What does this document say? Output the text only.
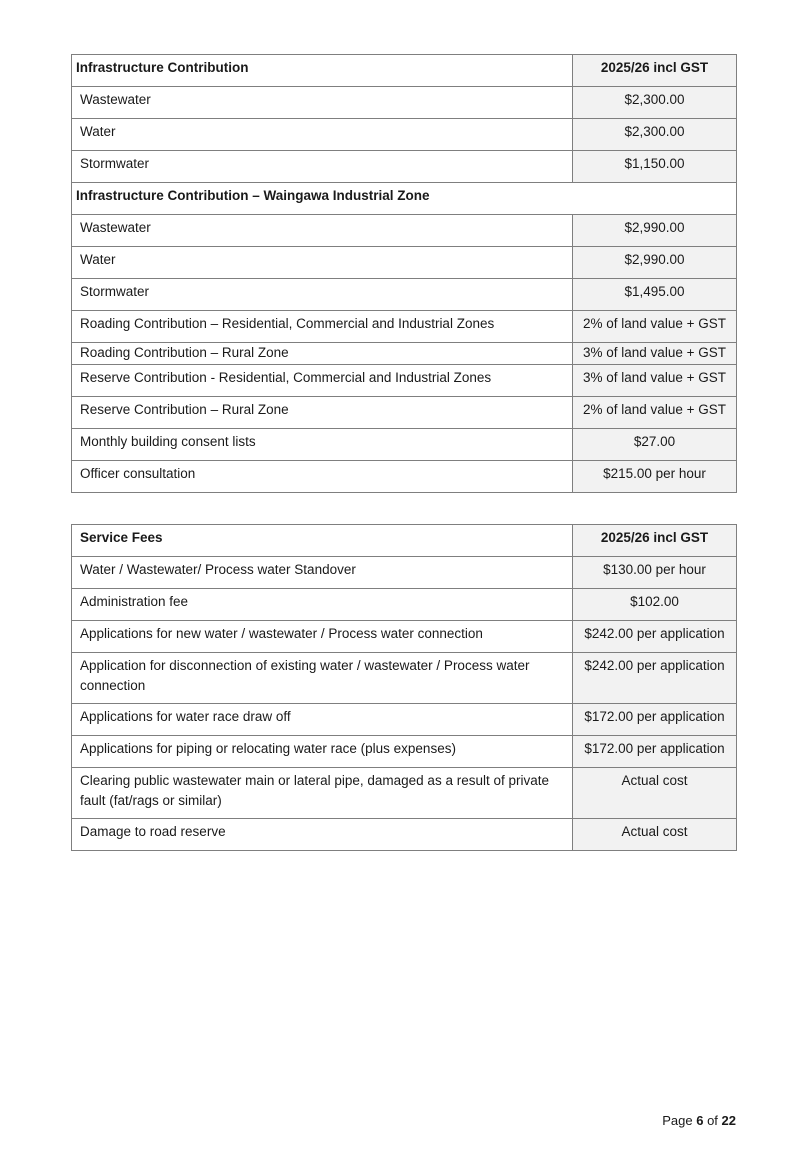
Infrastructure Contribution	2025/26 incl GST
Wastewater	$2,300.00
Water	$2,300.00
Stormwater	$1,150.00
Infrastructure Contribution – Waingawa Industrial Zone	
Wastewater	$2,990.00
Water	$2,990.00
Stormwater	$1,495.00
Roading Contribution – Residential, Commercial and Industrial Zones	2% of land value + GST
Roading Contribution – Rural Zone	3% of land value + GST
Reserve Contribution - Residential, Commercial and Industrial Zones	3% of land value + GST
Reserve Contribution – Rural Zone	2% of land value + GST
Monthly building consent lists	$27.00
Officer consultation	$215.00 per hour
Service Fees	2025/26 incl GST
Water / Wastewater/ Process water Standover	$130.00 per hour
Administration fee	$102.00
Applications for new water / wastewater / Process water connection	$242.00 per application
Application for disconnection of existing water / wastewater / Process water connection	$242.00 per application
Applications for water race draw off	$172.00 per application
Applications for piping or relocating water race (plus expenses)	$172.00 per application
Clearing public wastewater main or lateral pipe, damaged as a result of private fault (fat/rags or similar)	Actual cost
Damage to road reserve	Actual cost
Page 6 of 22
